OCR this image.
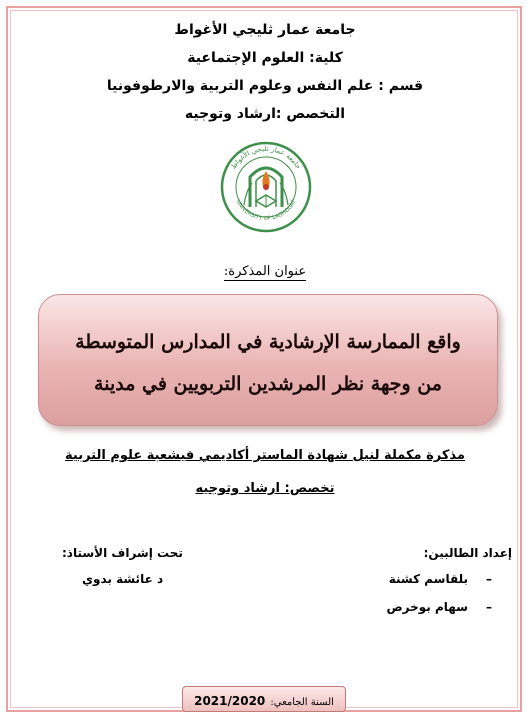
جامعة عمار ثليجي الأغواط
كلية: العلوم الإجتماعية
قسم : علم النفس وعلوم التربية والارطوفونيا
التخصص :ارشاد وتوجيه
جامعة عمار ثليجي الأغواط
UNIVERSITY OF LAGHOUAT
عنوان المذكرة:
واقع الممارسة الإرشادية في المدارس المتوسطة
من وجهة نظر المرشدين التربويين في مدينة
مذكرة مكملة لنيل شهادة الماستر أكاديمي فيشعبة علوم التربية
تخصص: ارشاد وتوجيه
إعداد الطالبين:
تحت إشراف الأستاذ:
–بلقاسم كشنة
د عائشة بدوي
–سهام بوخرص
السنة الجامعي: 2021/2020
